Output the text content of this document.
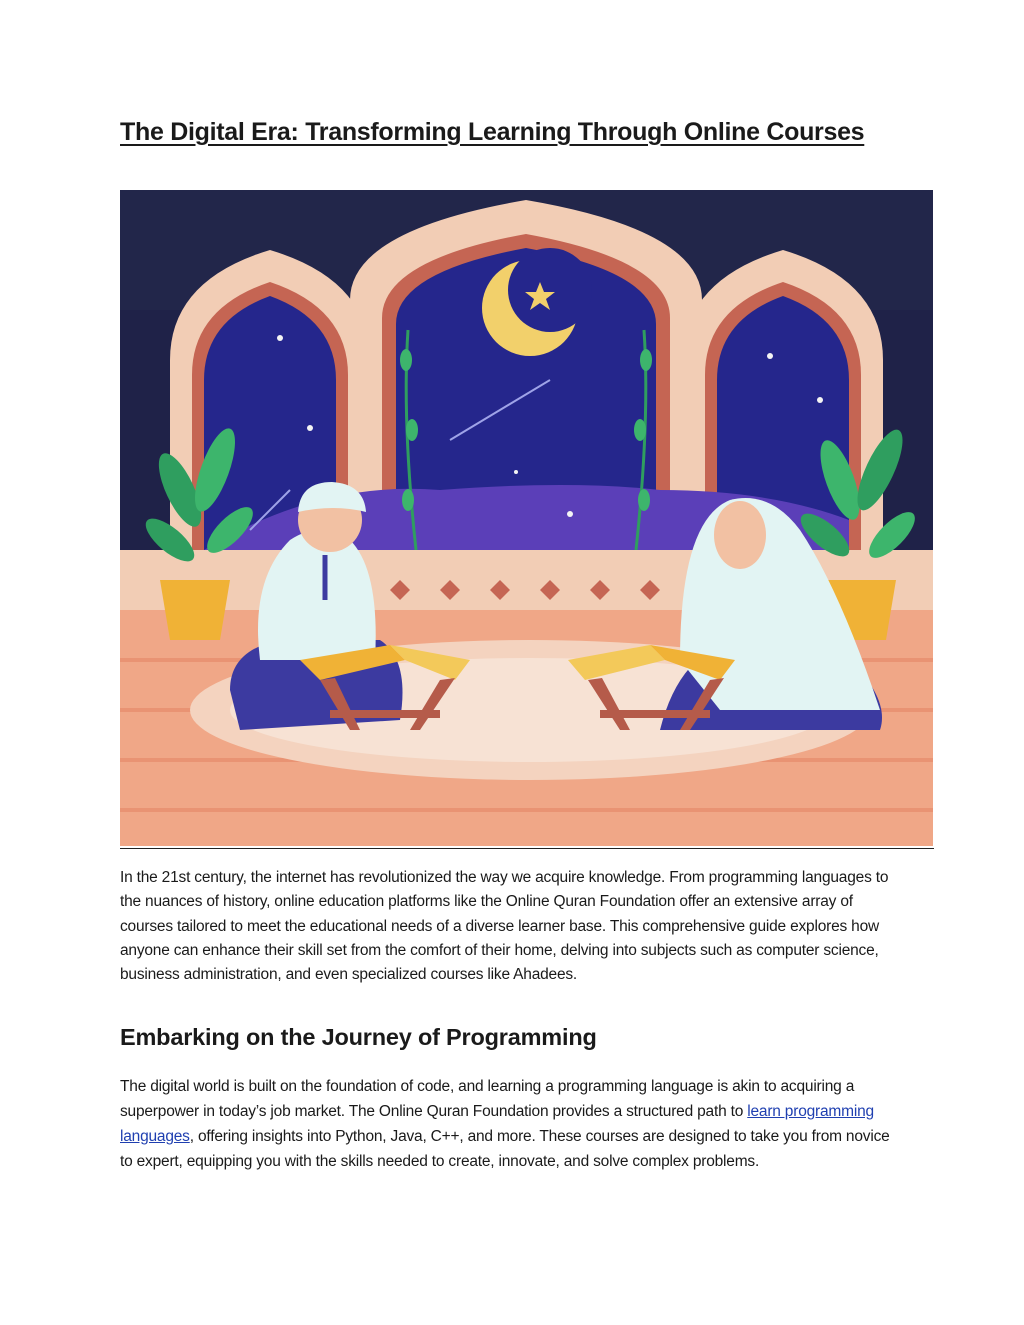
The Digital Era: Transforming Learning Through Online Courses

In the 21st century, the internet has revolutionized the way we acquire knowledge. From programming languages to the nuances of history, online education platforms like the Online Quran Foundation offer an extensive array of courses tailored to meet the educational needs of a diverse learner base. This comprehensive guide explores how anyone can enhance their skill set from the comfort of their home, delving into subjects such as computer science, business administration, and even specialized courses like Ahadees.

Embarking on the Journey of Programming

The digital world is built on the foundation of code, and learning a programming language is akin to acquiring a superpower in today’s job market. The Online Quran Foundation provides a structured path to learn programming languages, offering insights into Python, Java, C++, and more. These courses are designed to take you from novice to expert, equipping you with the skills needed to create, innovate, and solve complex problems.
